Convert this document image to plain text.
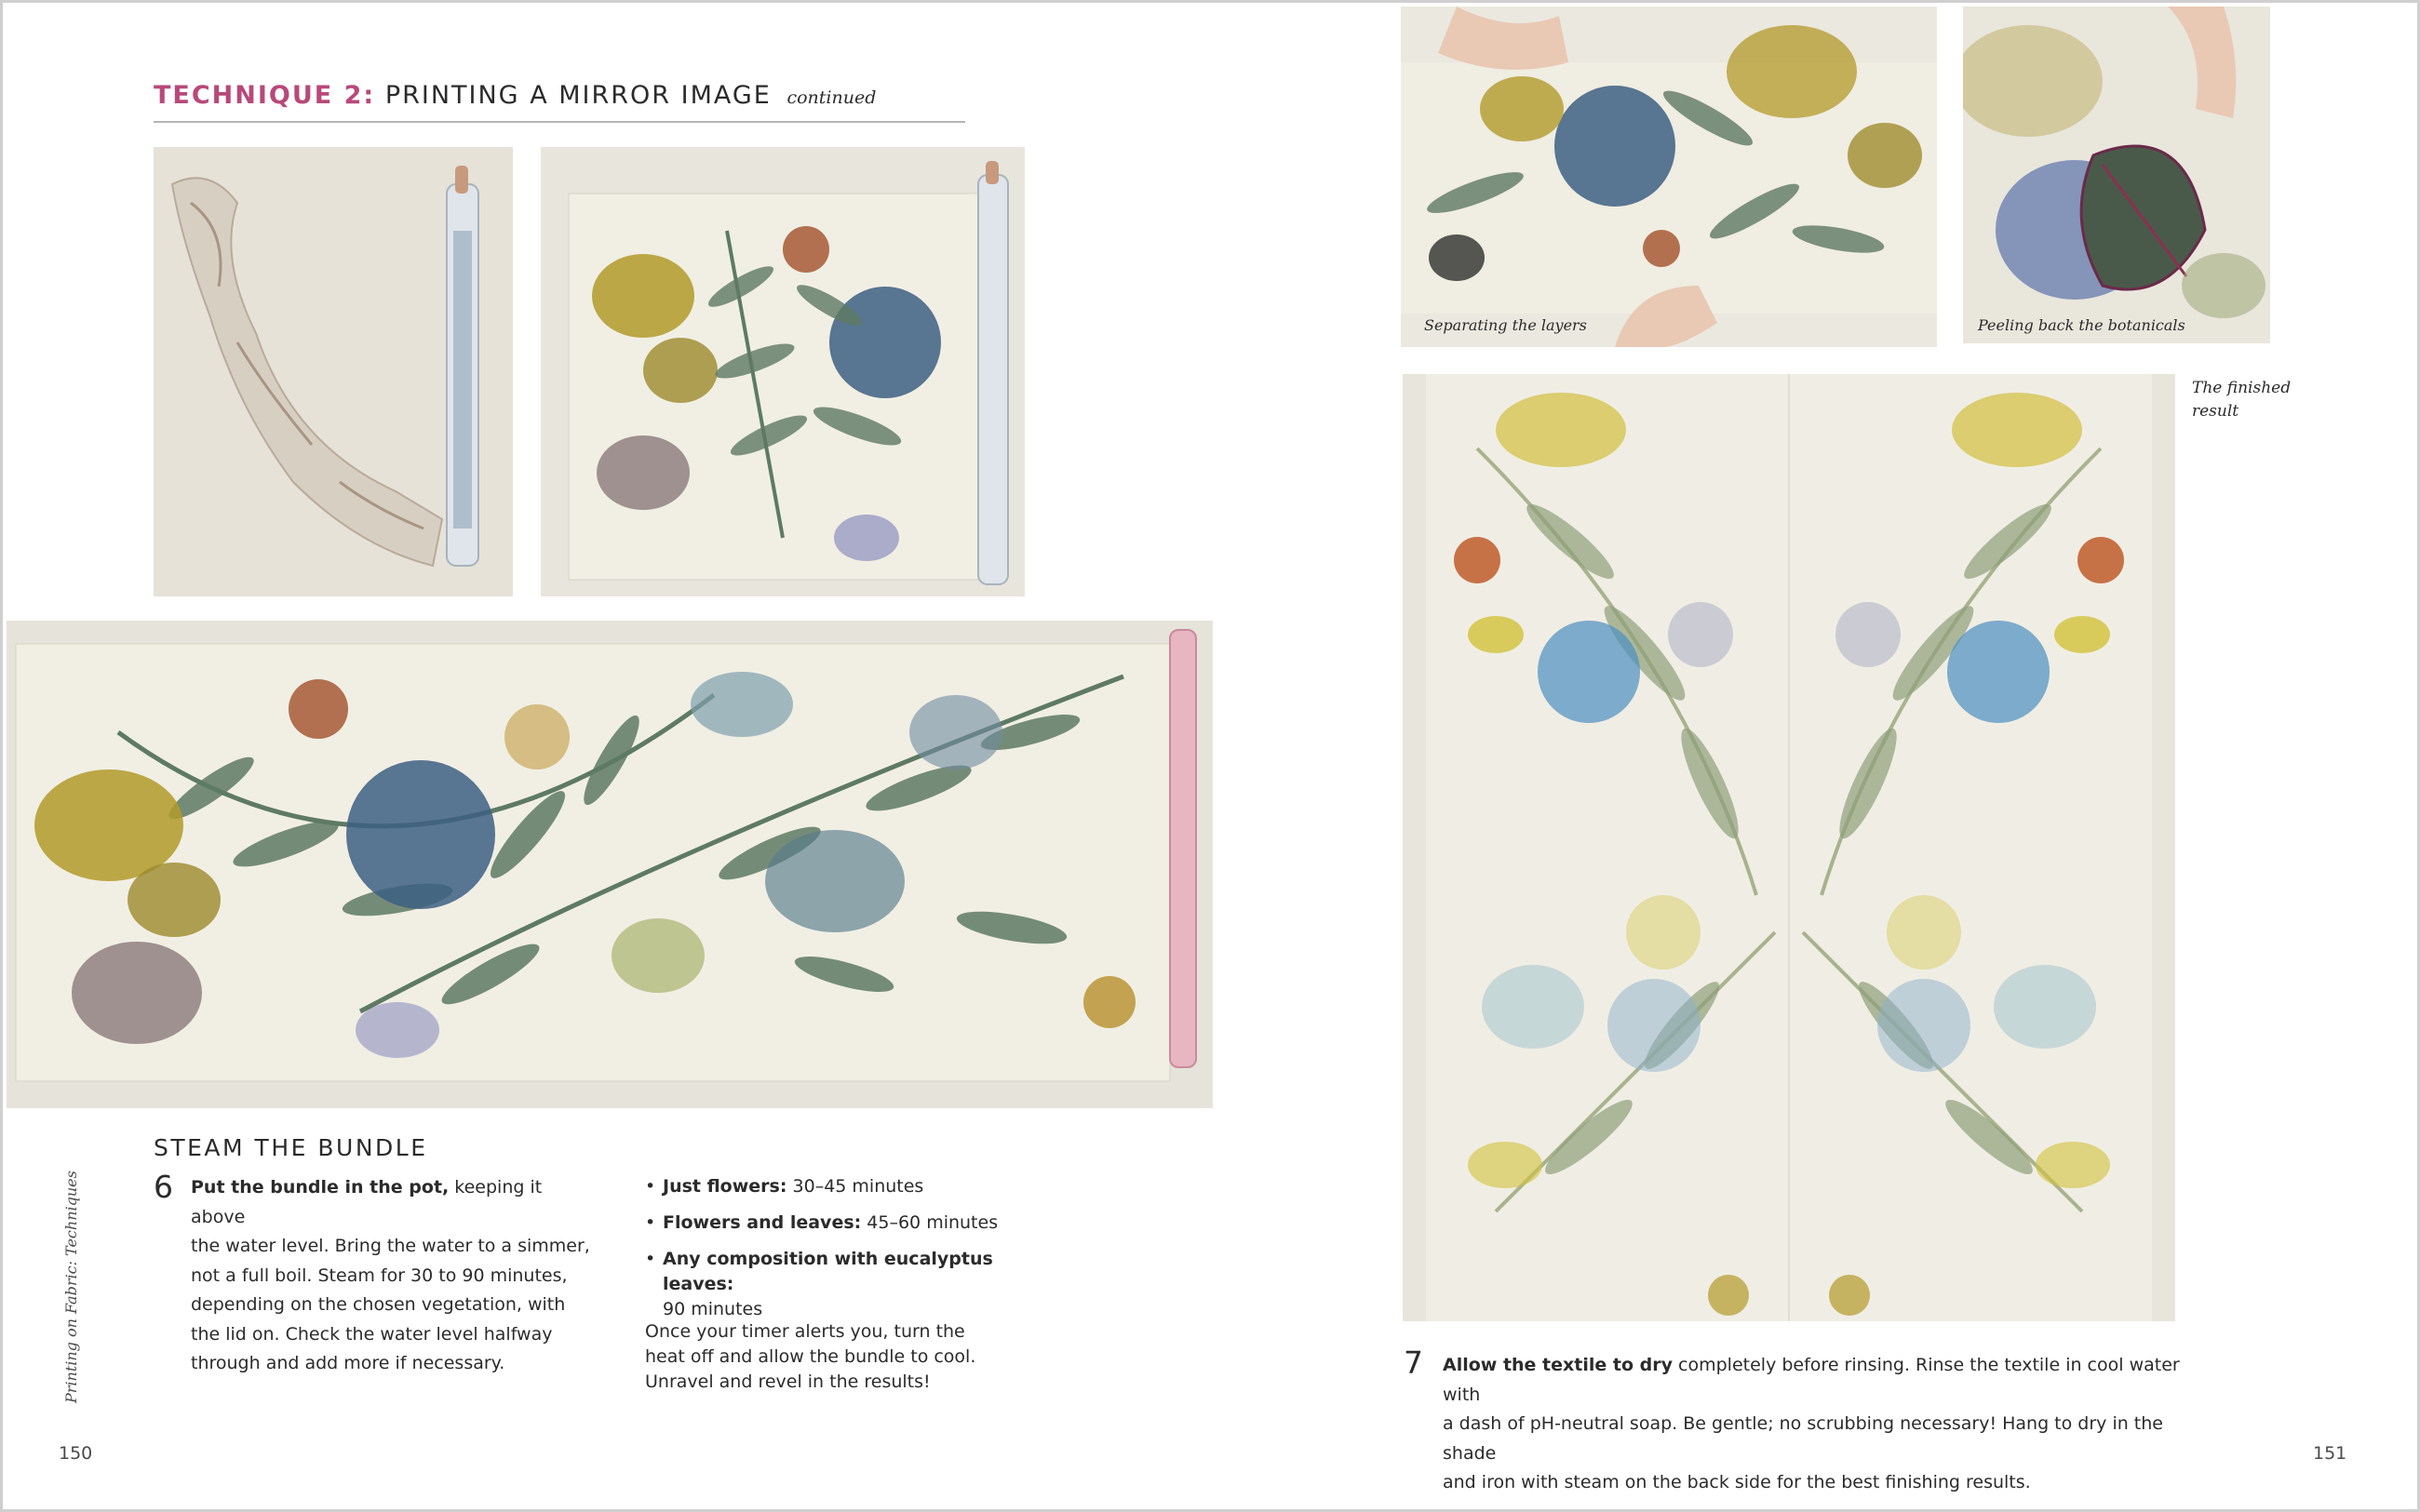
TECHNIQUE 2: PRINTING A MIRROR IMAGE continued
STEAM THE BUNDLE
6 Put the bundle in the pot, keeping it above
the water level. Bring the water to a simmer,
not a full boil. Steam for 30 to 90 minutes,
depending on the chosen vegetation, with
the lid on. Check the water level halfway
through and add more if necessary.
• Just flowers: 30–45 minutes
• Flowers and leaves: 45–60 minutes
• Any composition with eucalyptus leaves:
90 minutes
Once your timer alerts you, turn the
heat off and allow the bundle to cool.
Unravel and revel in the results!
Printing on Fabric: Techniques
150
Separating the layers	Peeling back the botanicals
The finished
result
7 Allow the textile to dry completely before rinsing. Rinse the textile in cool water with
a dash of pH-neutral soap. Be gentle; no scrubbing necessary! Hang to dry in the shade
and iron with steam on the back side for the best finishing results.
151
